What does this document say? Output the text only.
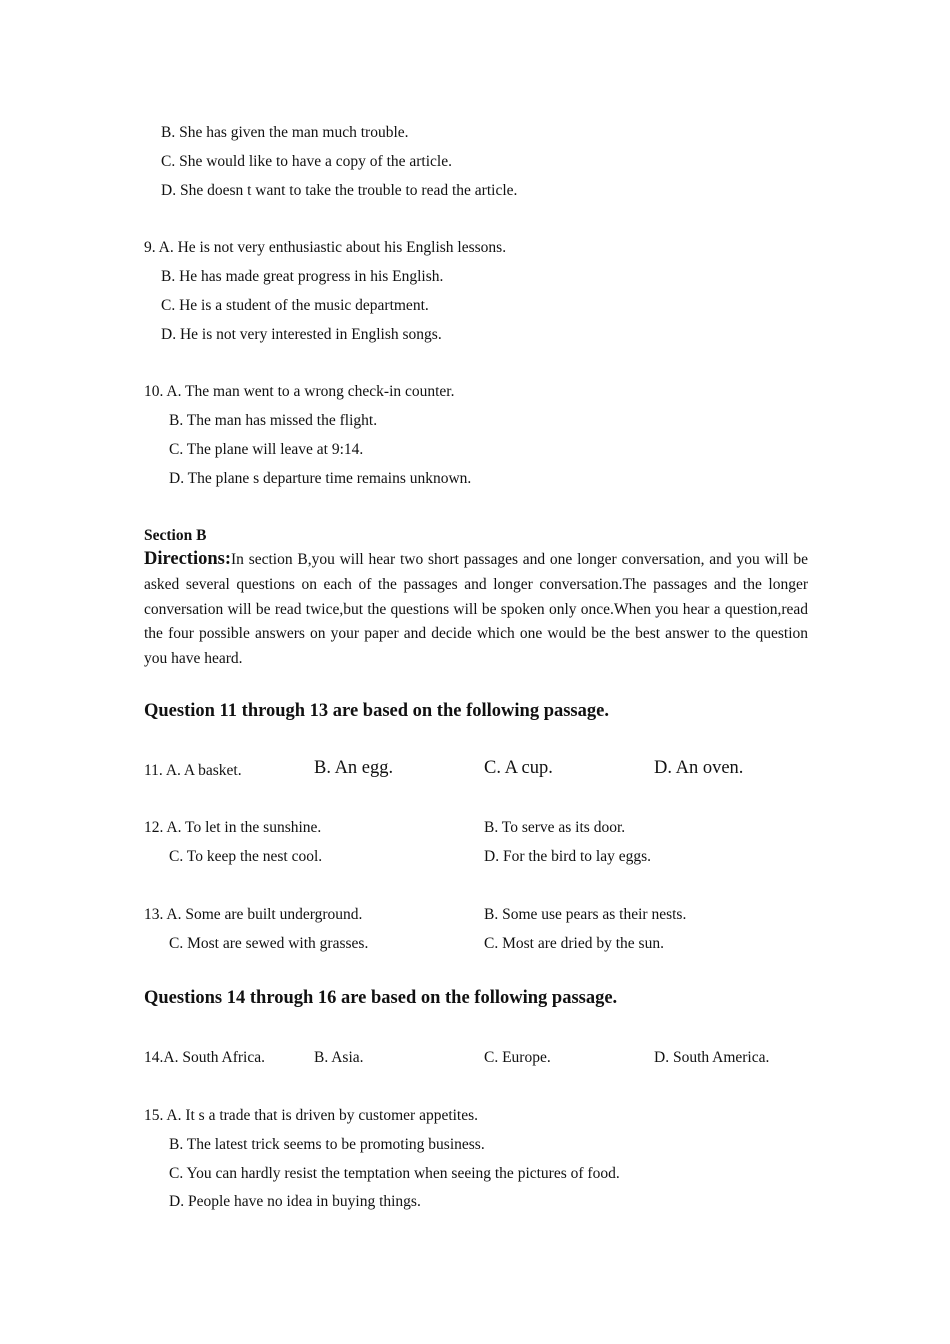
B. She has given the man much trouble.
C. She would like to have a copy of the article.
D. She doesn t want to take the trouble to read the article.
9. A. He is not very enthusiastic about his English lessons.
B. He has made great progress in his English.
C. He is a student of the music department.
D. He is not very interested in English songs.
10. A. The man went to a wrong check-in counter.
B. The man has missed the flight.
C. The plane will leave at 9:14.
D. The plane s departure time remains unknown.
Section B
Directions:In section B,you will hear two short passages and one longer conversation, and you will be asked several questions on each of the passages and longer conversation.The passages and the longer conversation will be read twice,but the questions will be spoken only once.When you hear a question,read the four possible answers on your paper and decide which one would be the best answer to the question you have heard.
Question 11 through 13 are based on the following passage.
11. A. A basket.	B. An egg.	C. A cup.	D. An oven.
12. A. To let in the sunshine.	B. To serve as its door.
C. To keep the nest cool.	D. For the bird to lay eggs.
13. A. Some are built underground.	B. Some use pears as their nests.
C. Most are sewed with grasses.	C. Most are dried by the sun.
Questions 14 through 16 are based on the following passage.
14.A. South Africa.	B. Asia.	C. Europe.	D. South America.
15. A. It s a trade that is driven by customer appetites.
B. The latest trick seems to be promoting business.
C. You can hardly resist the temptation when seeing the pictures of food.
D. People have no idea in buying things.
